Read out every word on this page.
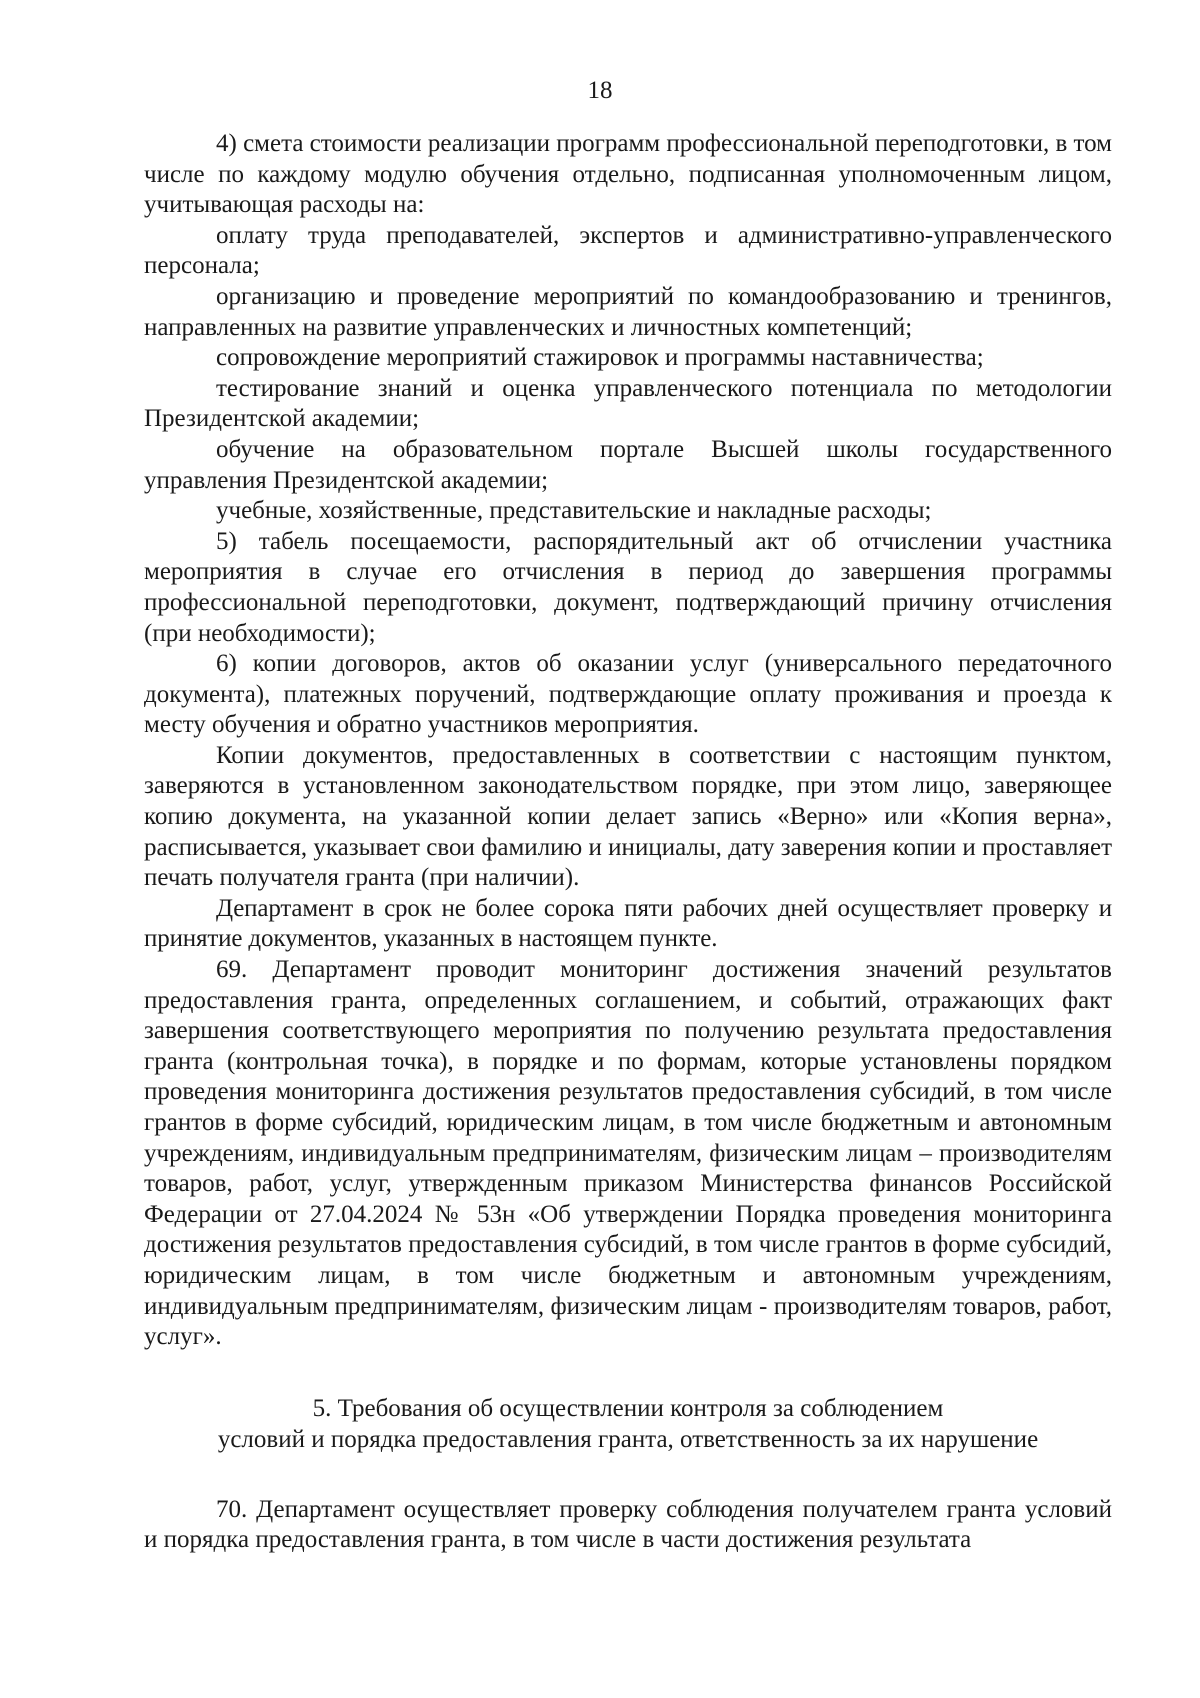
18

4) смета стоимости реализации программ профессиональной переподготовки, в том числе по каждому модулю обучения отдельно, подписанная уполномоченным лицом, учитывающая расходы на:

оплату труда преподавателей, экспертов и административно-управленческого персонала;

организацию и проведение мероприятий по командообразованию и тренингов, направленных на развитие управленческих и личностных компетенций;

сопровождение мероприятий стажировок и программы наставничества;

тестирование знаний и оценка управленческого потенциала по методологии Президентской академии;

обучение на образовательном портале Высшей школы государственного управления Президентской академии;

учебные, хозяйственные, представительские и накладные расходы;

5) табель посещаемости, распорядительный акт об отчислении участника мероприятия в случае его отчисления в период до завершения программы профессиональной переподготовки, документ, подтверждающий причину отчисления (при необходимости);

6) копии договоров, актов об оказании услуг (универсального передаточного документа), платежных поручений, подтверждающие оплату проживания и проезда к месту обучения и обратно участников мероприятия.

Копии документов, предоставленных в соответствии с настоящим пунктом, заверяются в установленном законодательством порядке, при этом лицо, заверяющее копию документа, на указанной копии делает запись «Верно» или «Копия верна», расписывается, указывает свои фамилию и инициалы, дату заверения копии и проставляет печать получателя гранта (при наличии).

Департамент в срок не более сорока пяти рабочих дней осуществляет проверку и принятие документов, указанных в настоящем пункте.

69. Департамент проводит мониторинг достижения значений результатов предоставления гранта, определенных соглашением, и событий, отражающих факт завершения соответствующего мероприятия по получению результата предоставления гранта (контрольная точка), в порядке и по формам, которые установлены порядком проведения мониторинга достижения результатов предоставления субсидий, в том числе грантов в форме субсидий, юридическим лицам, в том числе бюджетным и автономным учреждениям, индивидуальным предпринимателям, физическим лицам – производителям товаров, работ, услуг, утвержденным приказом Министерства финансов Российской Федерации от 27.04.2024 № 53н «Об утверждении Порядка проведения мониторинга достижения результатов предоставления субсидий, в том числе грантов в форме субсидий, юридическим лицам, в том числе бюджетным и автономным учреждениям, индивидуальным предпринимателям, физическим лицам - производителям товаров, работ, услуг».

5. Требования об осуществлении контроля за соблюдением
условий и порядка предоставления гранта, ответственность за их нарушение

70. Департамент осуществляет проверку соблюдения получателем гранта условий и порядка предоставления гранта, в том числе в части достижения результата
